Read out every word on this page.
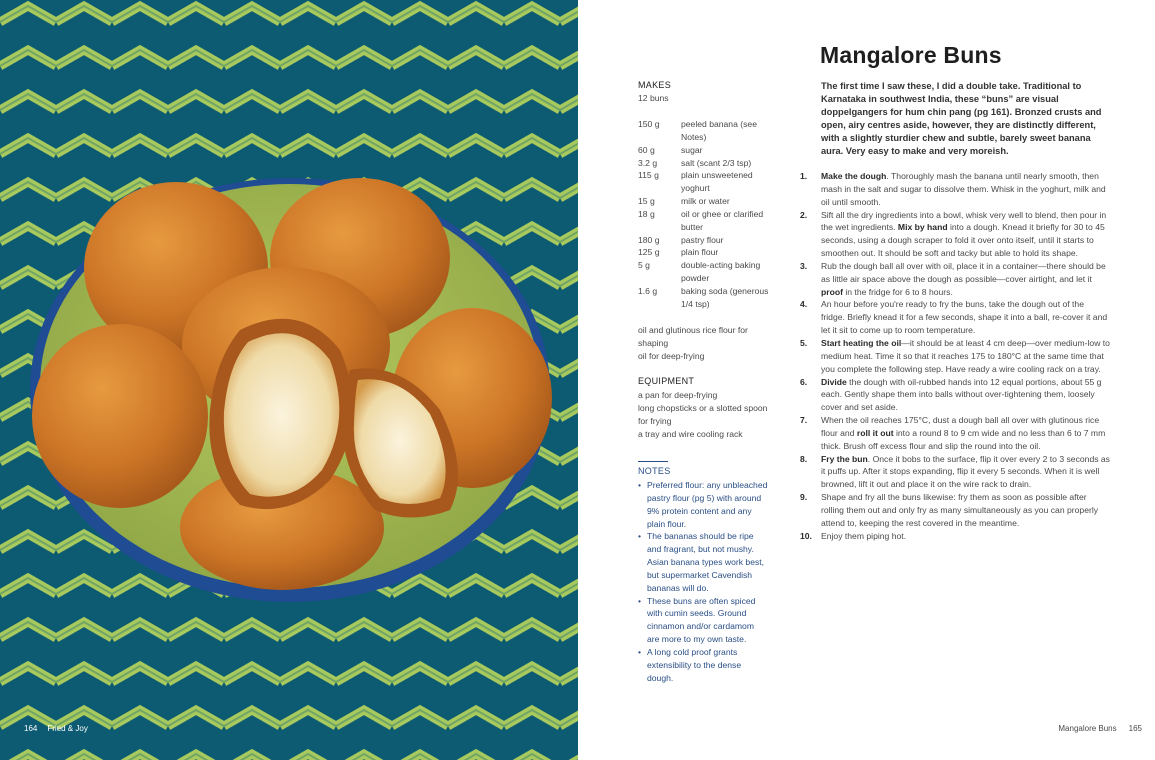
164 Fried & Joy
Mangalore Buns
The first time I saw these, I did a double take. Traditional to Karnataka in southwest India, these “buns” are visual doppelgangers for hum chin pang (pg 161). Bronzed crusts and open, airy centres aside, however, they are distinctly different, with a slightly sturdier chew and subtle, barely sweet banana aura. Very easy to make and very moreish.
MAKES
12 buns
150 g	peeled banana (see Notes)
60 g	sugar
3.2 g	salt (scant 2/3 tsp)
115 g	plain unsweetened yoghurt
15 g	milk or water
18 g	oil or ghee or clarified butter
180 g	pastry flour
125 g	plain flour
5 g	double-acting baking powder
1.6 g	baking soda (generous 1/4 tsp)
oil and glutinous rice flour for shaping
oil for deep-frying
EQUIPMENT
a pan for deep-frying
long chopsticks or a slotted spoon for frying
a tray and wire cooling rack
NOTES
• Preferred flour: any unbleached pastry flour (pg 5) with around 9% protein content and any plain flour.
• The bananas should be ripe and fragrant, but not mushy. Asian banana types work best, but supermarket Cavendish bananas will do.
• These buns are often spiced with cumin seeds. Ground cinnamon and/or cardamom are more to my own taste.
• A long cold proof grants extensibility to the dense dough.
1.	Make the dough. Thoroughly mash the banana until nearly smooth, then mash in the salt and sugar to dissolve them. Whisk in the yoghurt, milk and oil until smooth.
2.	Sift all the dry ingredients into a bowl, whisk very well to blend, then pour in the wet ingredients. Mix by hand into a dough. Knead it briefly for 30 to 45 seconds, using a dough scraper to fold it over onto itself, until it starts to smoothen out. It should be soft and tacky but able to hold its shape.
3.	Rub the dough ball all over with oil, place it in a container—there should be as little air space above the dough as possible—cover airtight, and let it proof in the fridge for 6 to 8 hours.
4.	An hour before you're ready to fry the buns, take the dough out of the fridge. Briefly knead it for a few seconds, shape it into a ball, re-cover it and let it sit to come up to room temperature.
5.	Start heating the oil—it should be at least 4 cm deep—over medium-low to medium heat. Time it so that it reaches 175 to 180°C at the same time that you complete the following step. Have ready a wire cooling rack on a tray.
6.	Divide the dough with oil-rubbed hands into 12 equal portions, about 55 g each. Gently shape them into balls without over-tightening them, loosely cover and set aside.
7.	When the oil reaches 175°C, dust a dough ball all over with glutinous rice flour and roll it out into a round 8 to 9 cm wide and no less than 6 to 7 mm thick. Brush off excess flour and slip the round into the oil.
8.	Fry the bun. Once it bobs to the surface, flip it over every 2 to 3 seconds as it puffs up. After it stops expanding, flip it every 5 seconds. When it is well browned, lift it out and place it on the wire rack to drain.
9.	Shape and fry all the buns likewise: fry them as soon as possible after rolling them out and only fry as many simultaneously as you can properly attend to, keeping the rest covered in the meantime.
10.	Enjoy them piping hot.
Mangalore Buns 165
